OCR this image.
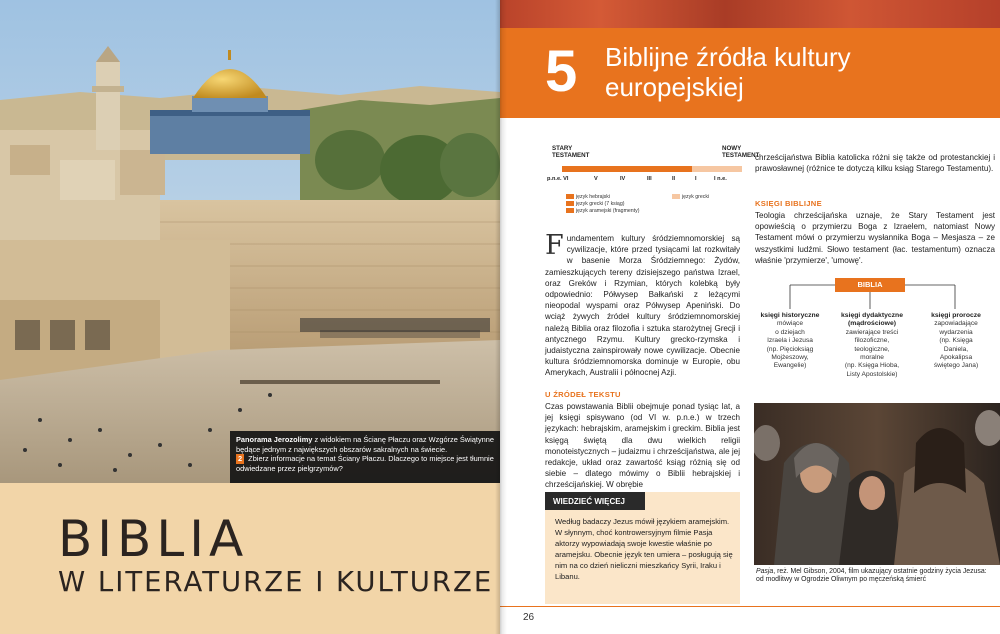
Panorama Jerozolimy z widokiem na Ścianę Płaczu oraz Wzgórze Świątynne będące jednym z największych obszarów sakralnych na świecie.
2 Zbierz informacje na temat Ściany Płaczu. Dlaczego to miejsce jest tłumnie odwiedzane przez pielgrzymów?
BIBLIA
W LITERATURZE I KULTURZE
5 Biblijne źródła kultury
europejskiej
STARY
TESTAMENT
NOWY
TESTAMENT
p.n.e. VI	V	IV	III	II	I	I n.e.
język hebrajski
język grecki (7 ksiąg)
język aramejski (fragmenty)
język grecki
Fundamentem kultury śródziemnomorskiej są cywilizacje, które przed tysiącami lat rozkwitały w basenie Morza Śródziemnego: Żydów, zamieszkujących tereny dzisiejszego państwa Izrael, oraz Greków i Rzymian, których kolebką były odpowiednio: Półwysep Bałkański z leżącymi nieopodal wyspami oraz Półwysep Apeniński. Do wciąż żywych źródeł kultury śródziemnomorskiej należą Biblia oraz filozofia i sztuka starożytnej Grecji i antycznego Rzymu. Kultury grecko-rzymska i judaistyczna zainspirowały nowe cywilizacje. Obecnie kultura śródziemnomorska dominuje w Europie, obu Amerykach, Australii i północnej Azji.
U ŹRÓDEŁ TEKSTU
Czas powstawania Biblii obejmuje ponad tysiąc lat, a jej księgi spisywano (od VI w. p.n.e.) w trzech językach: hebrajskim, aramejskim i greckim. Biblia jest księgą świętą dla dwu wielkich religii monoteistycznych – judaizmu i chrześcijaństwa, ale jej redakcje, układ oraz zawartość ksiąg różnią się od siebie – dlatego mówimy o Biblii hebrajskiej i chrześcijańskiej. W obrębie
chrześcijaństwa Biblia katolicka różni się także od protestanckiej i prawosławnej (różnice te dotyczą kilku ksiąg Starego Testamentu).
KSIĘGI BIBLIJNE
Teologia chrześcijańska uznaje, że Stary Testament jest opowieścią o przymierzu Boga z Izraelem, natomiast Nowy Testament mówi o przymierzu wysłannika Boga – Mesjasza – ze wszystkimi ludźmi. Słowo testament (łac. testamentum) oznacza właśnie 'przymierze', 'umowę'.
BIBLIA
księgi historyczne
mówiące
o dziejach
Izraela i Jezusa
(np. Pięcioksiąg
Mojżeszowy,
Ewangelie)
księgi dydaktyczne (mądrościowe)
zawierające treści
filozoficzne,
teologiczne,
moralne
(np. Księga Hioba,
Listy Apostolskie)
księgi prorocze
zapowiadające
wydarzenia
(np. Księga
Daniela,
Apokalipsa
świętego Jana)
WIEDZIEĆ WIĘCEJ
Według badaczy Jezus mówił językiem aramejskim. W słynnym, choć kontrowersyjnym filmie Pasja aktorzy wypowiadają swoje kwestie właśnie po aramejsku. Obecnie język ten umiera – posługują się nim na co dzień nieliczni mieszkańcy Syrii, Iraku i Libanu.
Pasja, reż. Mel Gibson, 2004, film ukazujący ostatnie godziny życia Jezusa: od modlitwy w Ogrodzie Oliwnym po męczeńską śmierć
26
